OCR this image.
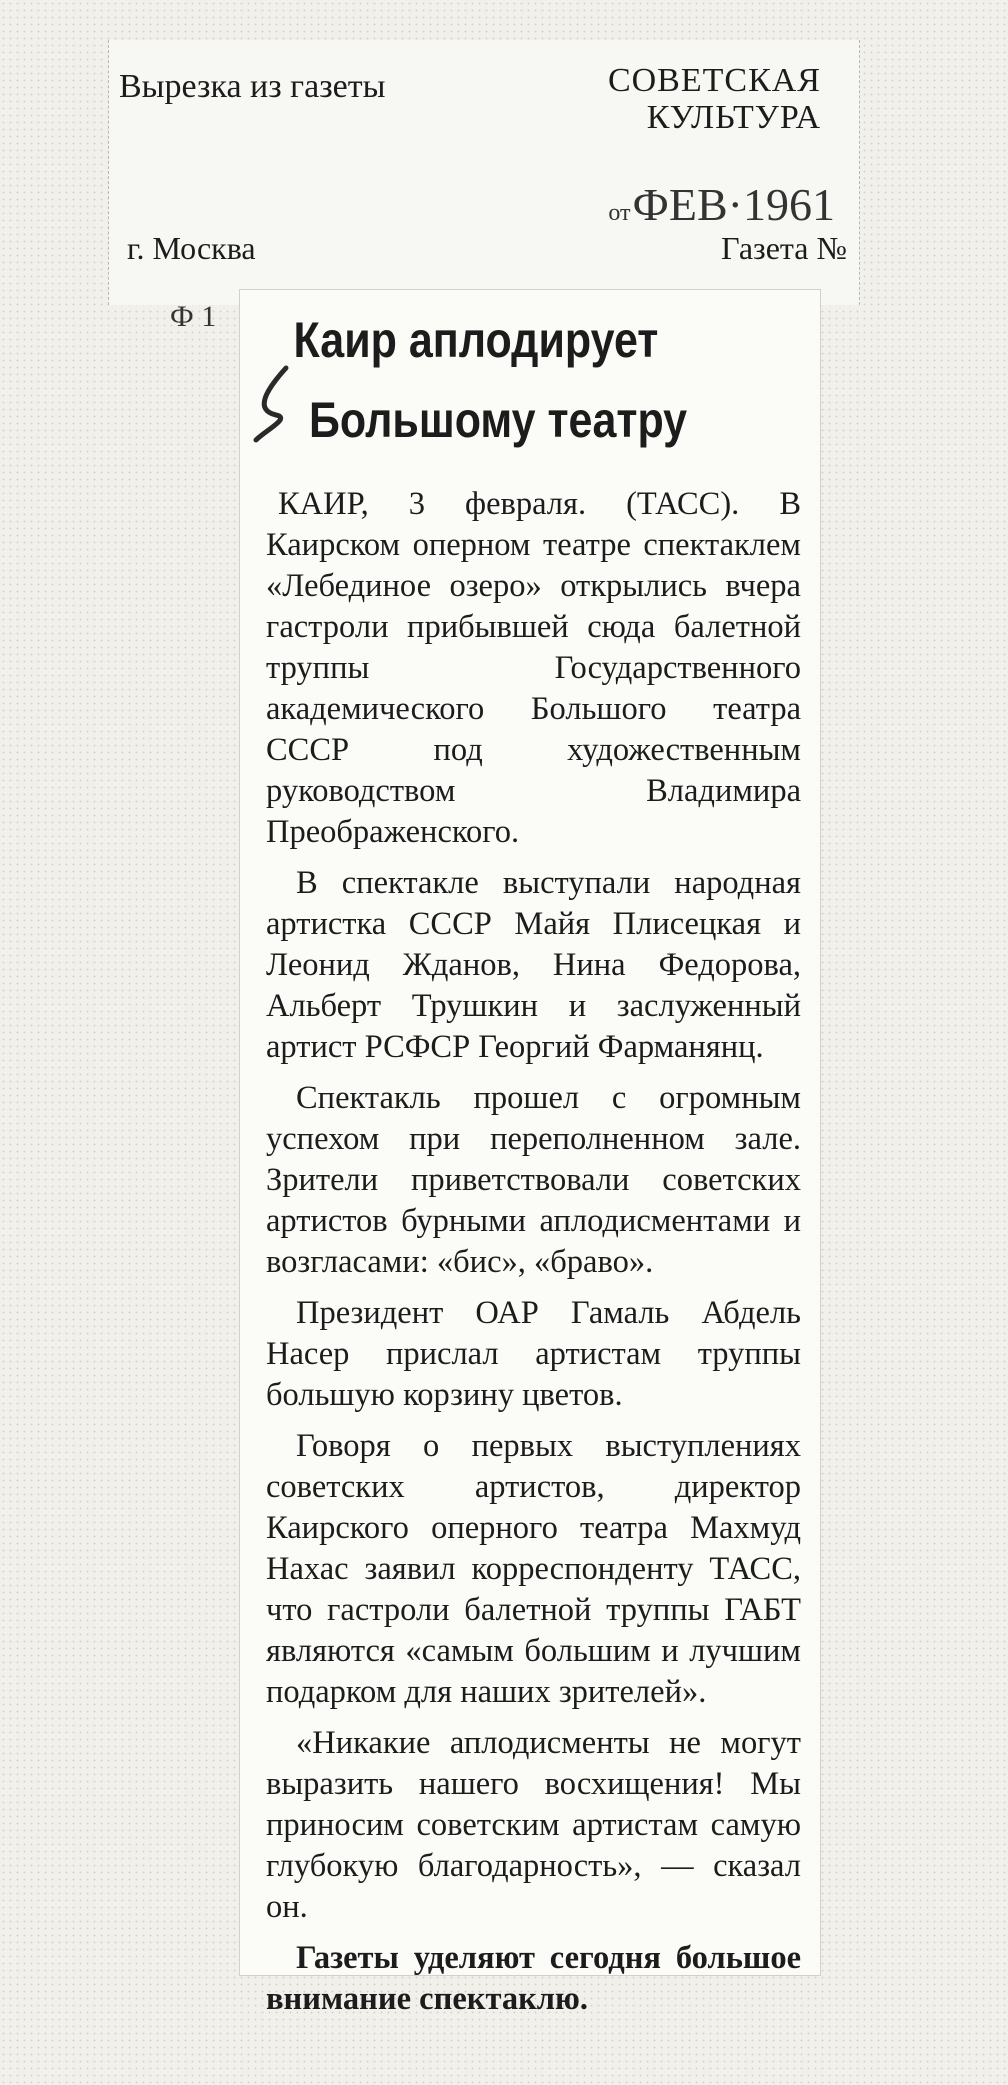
Вырезка из газеты	СОВЕТСКАЯ
КУЛЬТУРА
от ФЕВ·1961
г. Москва	Газета №
Ф 1	Каир аплодирует
Большому театру

КАИР, 3 февраля. (ТАСС). В Каирском оперном театре спектаклем «Лебединое озеро» открылись вчера гастроли прибывшей сюда балетной труппы Государственного академического Большого театра СССР под художественным руководством Владимира Преображенского.

В спектакле выступали народная артистка СССР Майя Плисецкая и Леонид Жданов, Нина Федорова, Альберт Трушкин и заслуженный артист РСФСР Георгий Фарманянц.

Спектакль прошел с огромным успехом при переполненном зале. Зрители приветствовали советских артистов бурными аплодисментами и возгласами: «бис», «браво».

Президент ОАР Гамаль Абдель Насер прислал артистам труппы большую корзину цветов.

Говоря о первых выступлениях советских артистов, директор Каирского оперного театра Махмуд Нахас заявил корреспонденту ТАСС, что гастроли балетной труппы ГАБТ являются «самым большим и лучшим подарком для наших зрителей».

«Никакие аплодисменты не могут выразить нашего восхищения! Мы приносим советским артистам самую глубокую благодарность», — сказал он.

Газеты уделяют сегодня большое внимание спектаклю.
